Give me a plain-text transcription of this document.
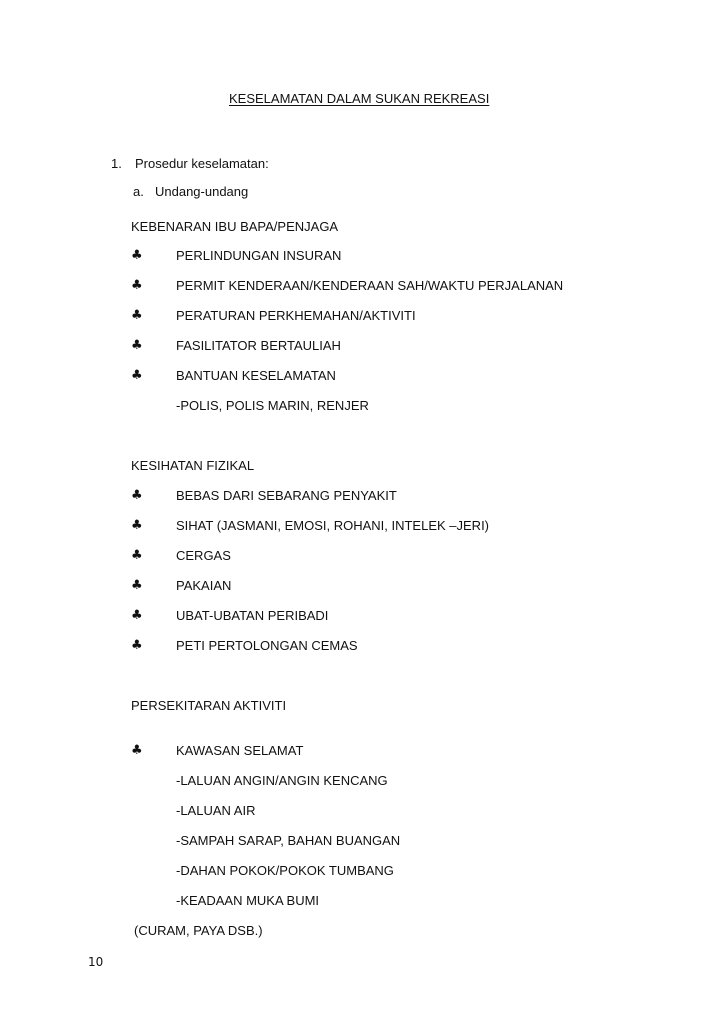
KESELAMATAN DALAM SUKAN REKREASI

1. Prosedur keselamatan:
a. Undang-undang
KEBENARAN IBU BAPA/PENJAGA
♣	PERLINDUNGAN INSURAN
♣	PERMIT KENDERAAN/KENDERAAN SAH/WAKTU PERJALANAN
♣	PERATURAN PERKHEMAHAN/AKTIVITI
♣	FASILITATOR BERTAULIAH
♣	BANTUAN KESELAMATAN
-POLIS, POLIS MARIN, RENJER
KESIHATAN FIZIKAL
♣	BEBAS DARI SEBARANG PENYAKIT
♣	SIHAT (JASMANI, EMOSI, ROHANI, INTELEK –JERI)
♣	CERGAS
♣	PAKAIAN
♣	UBAT-UBATAN PERIBADI
♣	PETI PERTOLONGAN CEMAS
PERSEKITARAN AKTIVITI
♣	KAWASAN SELAMAT
-LALUAN ANGIN/ANGIN KENCANG
-LALUAN AIR
-SAMPAH SARAP, BAHAN BUANGAN
-DAHAN POKOK/POKOK TUMBANG
-KEADAAN MUKA BUMI
(CURAM, PAYA DSB.)
10
